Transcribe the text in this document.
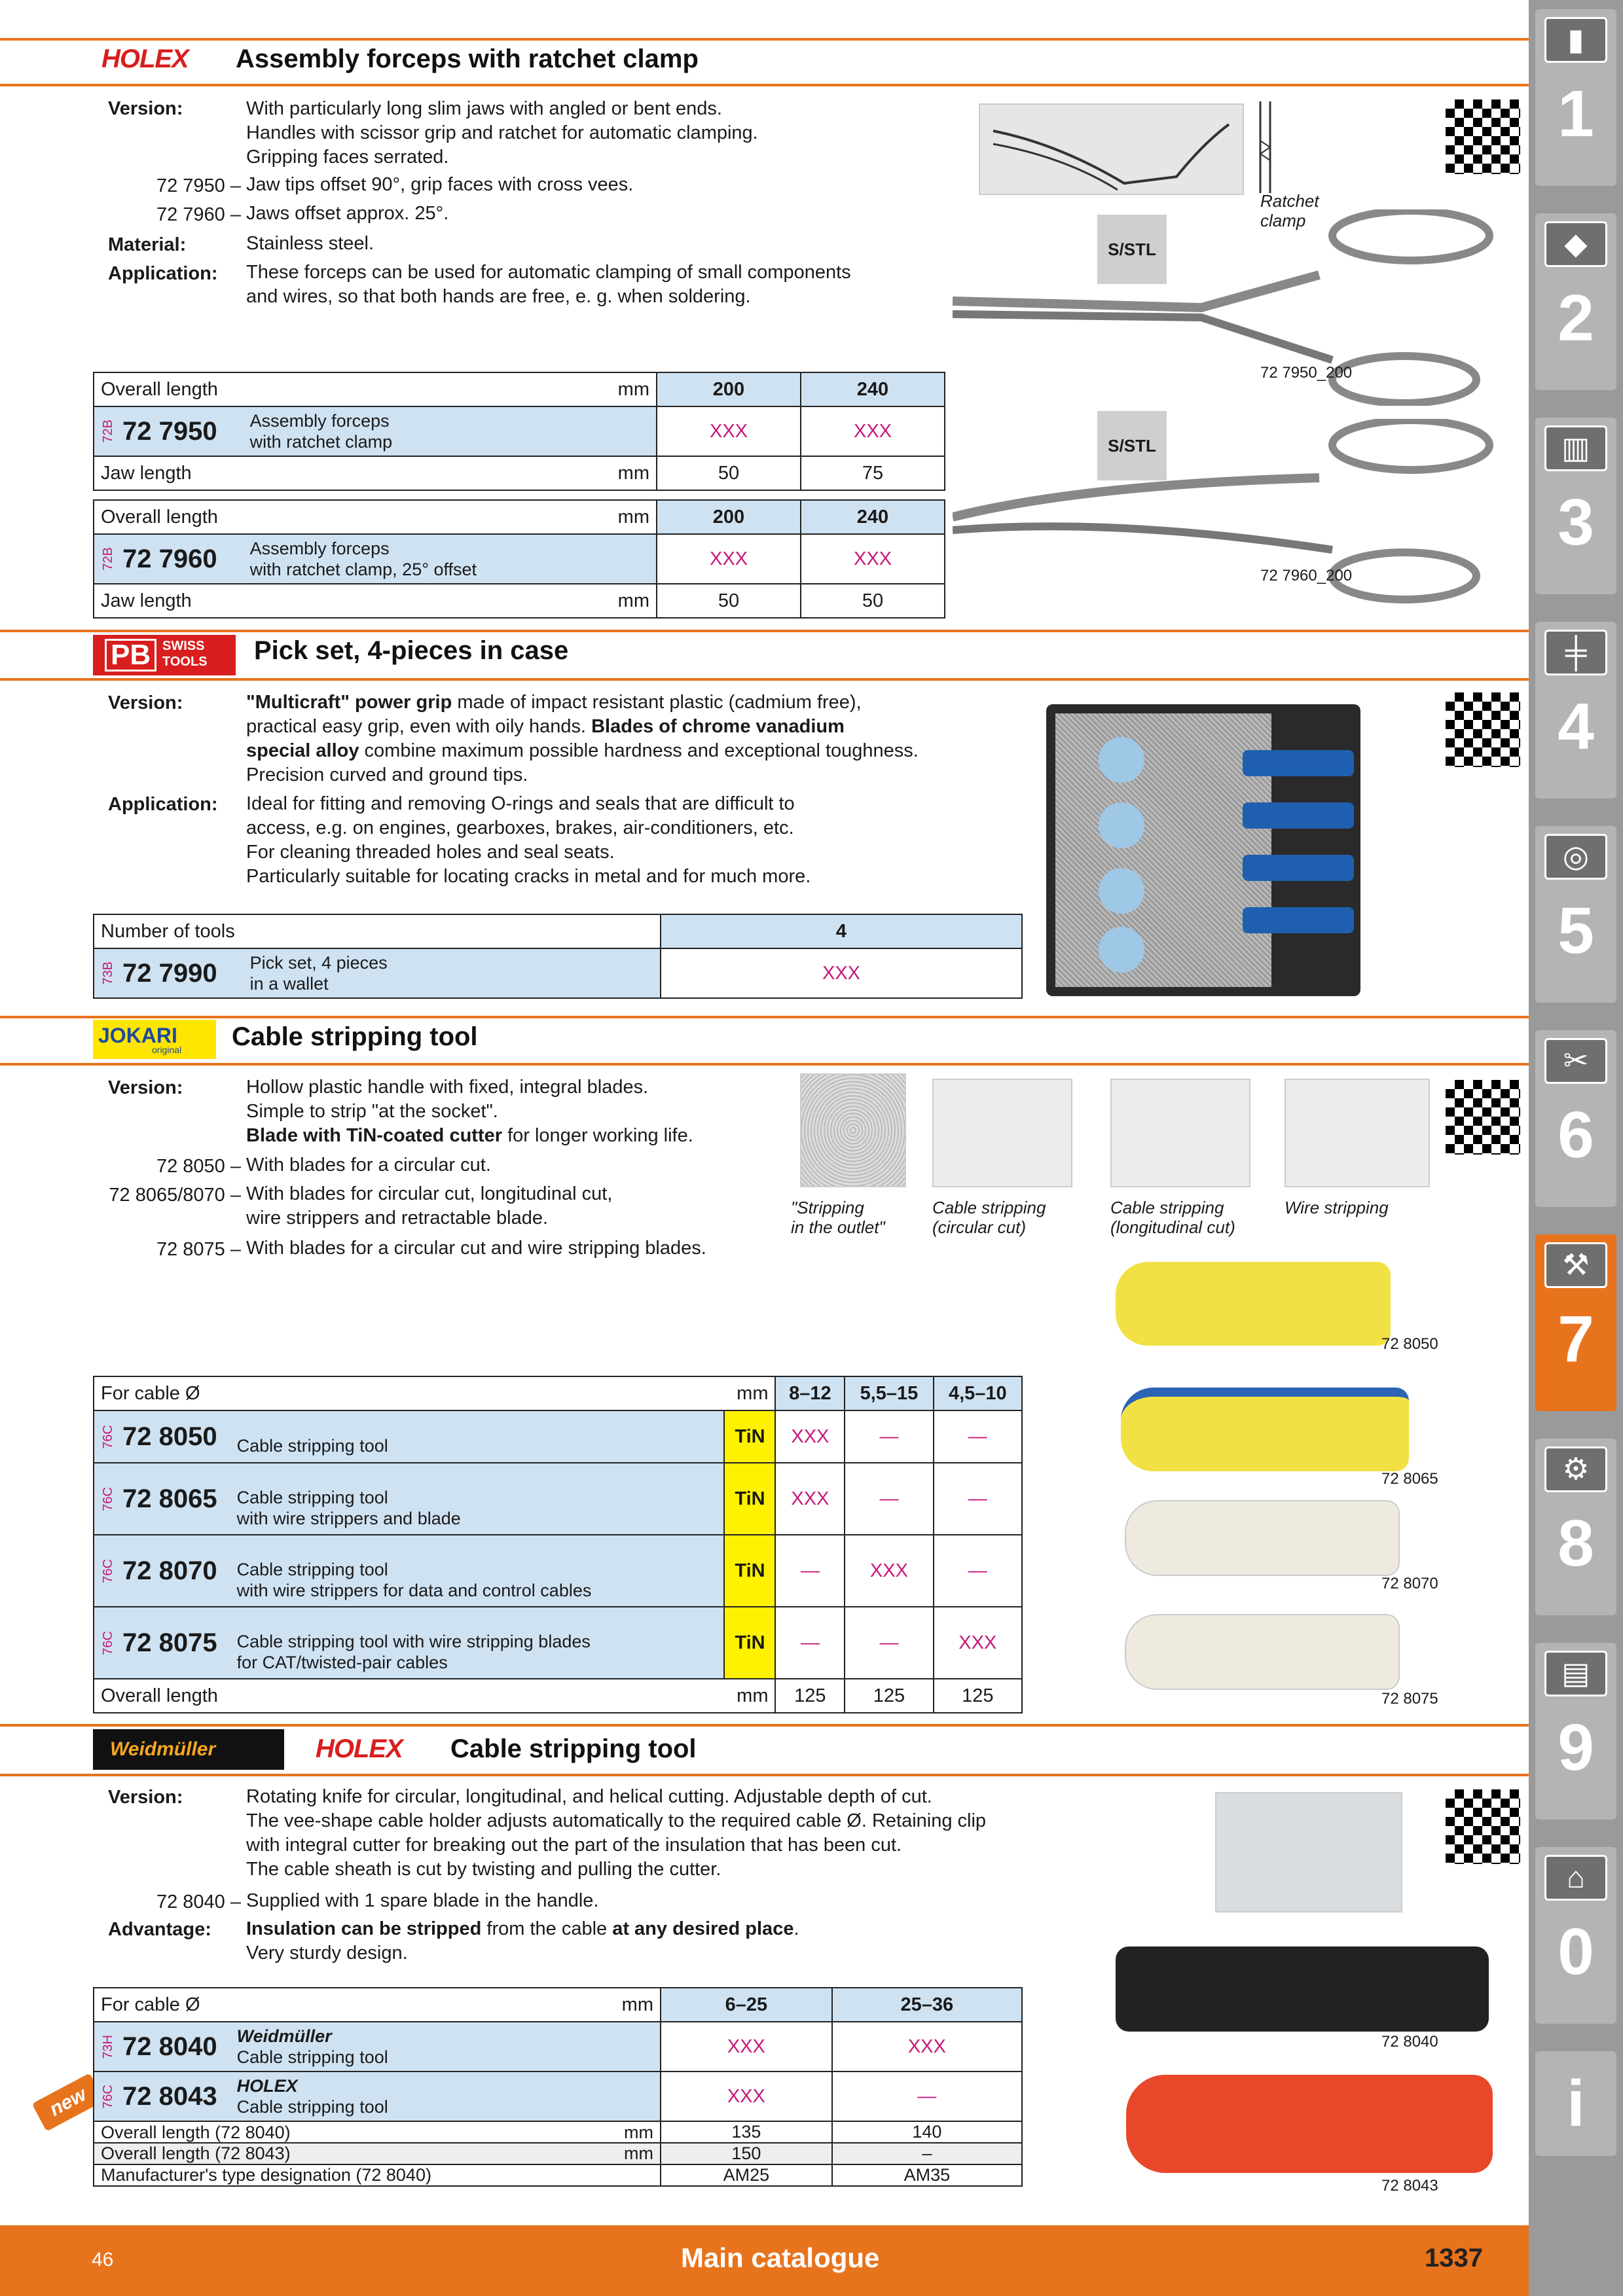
HOLEX Assembly forceps with ratchet clamp
Version:	With particularly long slim jaws with angled or bent ends.
Handles with scissor grip and ratchet for automatic clamping.
Gripping faces serrated.
72 7950 – Jaw tips offset 90°, grip faces with cross vees.
72 7960 – Jaws offset approx. 25°.
Material:	Stainless steel.
Application: These forceps can be used for automatic clamping of small components
and wires, so that both hands are free, e. g. when soldering.
Ratchet clamp
S/STL
72 7950_200
S/STL
72 7960_200
Overall length mm	200	240

72B 72 7950 Assembly forceps
with ratchet clamp	XXX	XXX
Jaw length mm	50	75
Overall length mm	200	240

72B 72 7960 Assembly forceps
with ratchet clamp, 25° offset	XXX	XXX
Jaw length mm	50	50
PB SWISS
TOOLS Pick set, 4-pieces in case
Version:	"Multicraft" power grip made of impact resistant plastic (cadmium free),
practical easy grip, even with oily hands. Blades of chrome vanadium
special alloy combine maximum possible hardness and exceptional toughness.
Precision curved and ground tips.
Application: Ideal for fitting and removing O-rings and seals that are difficult to
access, e.g. on engines, gearboxes, brakes, air-conditioners, etc.
For cleaning threaded holes and seal seats.
Particularly suitable for locating cracks in metal and for much more.
Number of tools	4

73B 72 7990 Pick set, 4 pieces
in a wallet	XXX
JOKARI
original Cable stripping tool
Version:	Hollow plastic handle with fixed, integral blades.
Simple to strip "at the socket".
Blade with TiN-coated cutter for longer working life.
72 8050 – With blades for a circular cut.
72 8065/8070 – With blades for circular cut, longitudinal cut,
wire strippers and retractable blade.
72 8075 – With blades for a circular cut and wire stripping blades.
"Stripping
in the outlet"
Cable stripping
(circular cut)
Cable stripping
(longitudinal cut)
Wire stripping
72 8050
72 8065
72 8070
72 8075
For cable Ø mm		8–12	5,5–15	4,5–10

76C 72 8050 Cable stripping tool	TiN	XXX	—	—

76C 72 8065 Cable stripping tool
with wire strippers and blade	TiN	XXX	—	—

76C 72 8070 Cable stripping tool
with wire strippers for data and control cables	TiN	—	XXX	—

76C 72 8075 Cable stripping tool with wire stripping blades
for CAT/twisted-pair cables	TiN	—	—	XXX
Overall length mm		125	125	125
Weidmüller	HOLEX Cable stripping tool
Version:	Rotating knife for circular, longitudinal, and helical cutting. Adjustable depth of cut.
The vee-shape cable holder adjusts automatically to the required cable Ø. Retaining clip
with integral cutter for breaking out the part of the insulation that has been cut.
The cable sheath is cut by twisting and pulling the cutter.
72 8040 – Supplied with 1 spare blade in the handle.
Advantage: Insulation can be stripped from the cable at any desired place.
Very sturdy design.
72 8040
72 8043
new
For cable Ø mm	6–25	25–36

73H 72 8040 Weidmüller
Cable stripping tool	XXX	XXX

76C 72 8043 HOLEX
Cable stripping tool	XXX	—

Overall length (72 8040) mm	135	140
Overall length (72 8043) mm	150	–
Manufacturer's type designation (72 8040)	AM25	AM35
46	Main catalogue	1337
▮
1
◆
2
▥
3
╪
4
◎
5
✂
6
⚒
7
⚙
8
▤
9
⌂
0
i
